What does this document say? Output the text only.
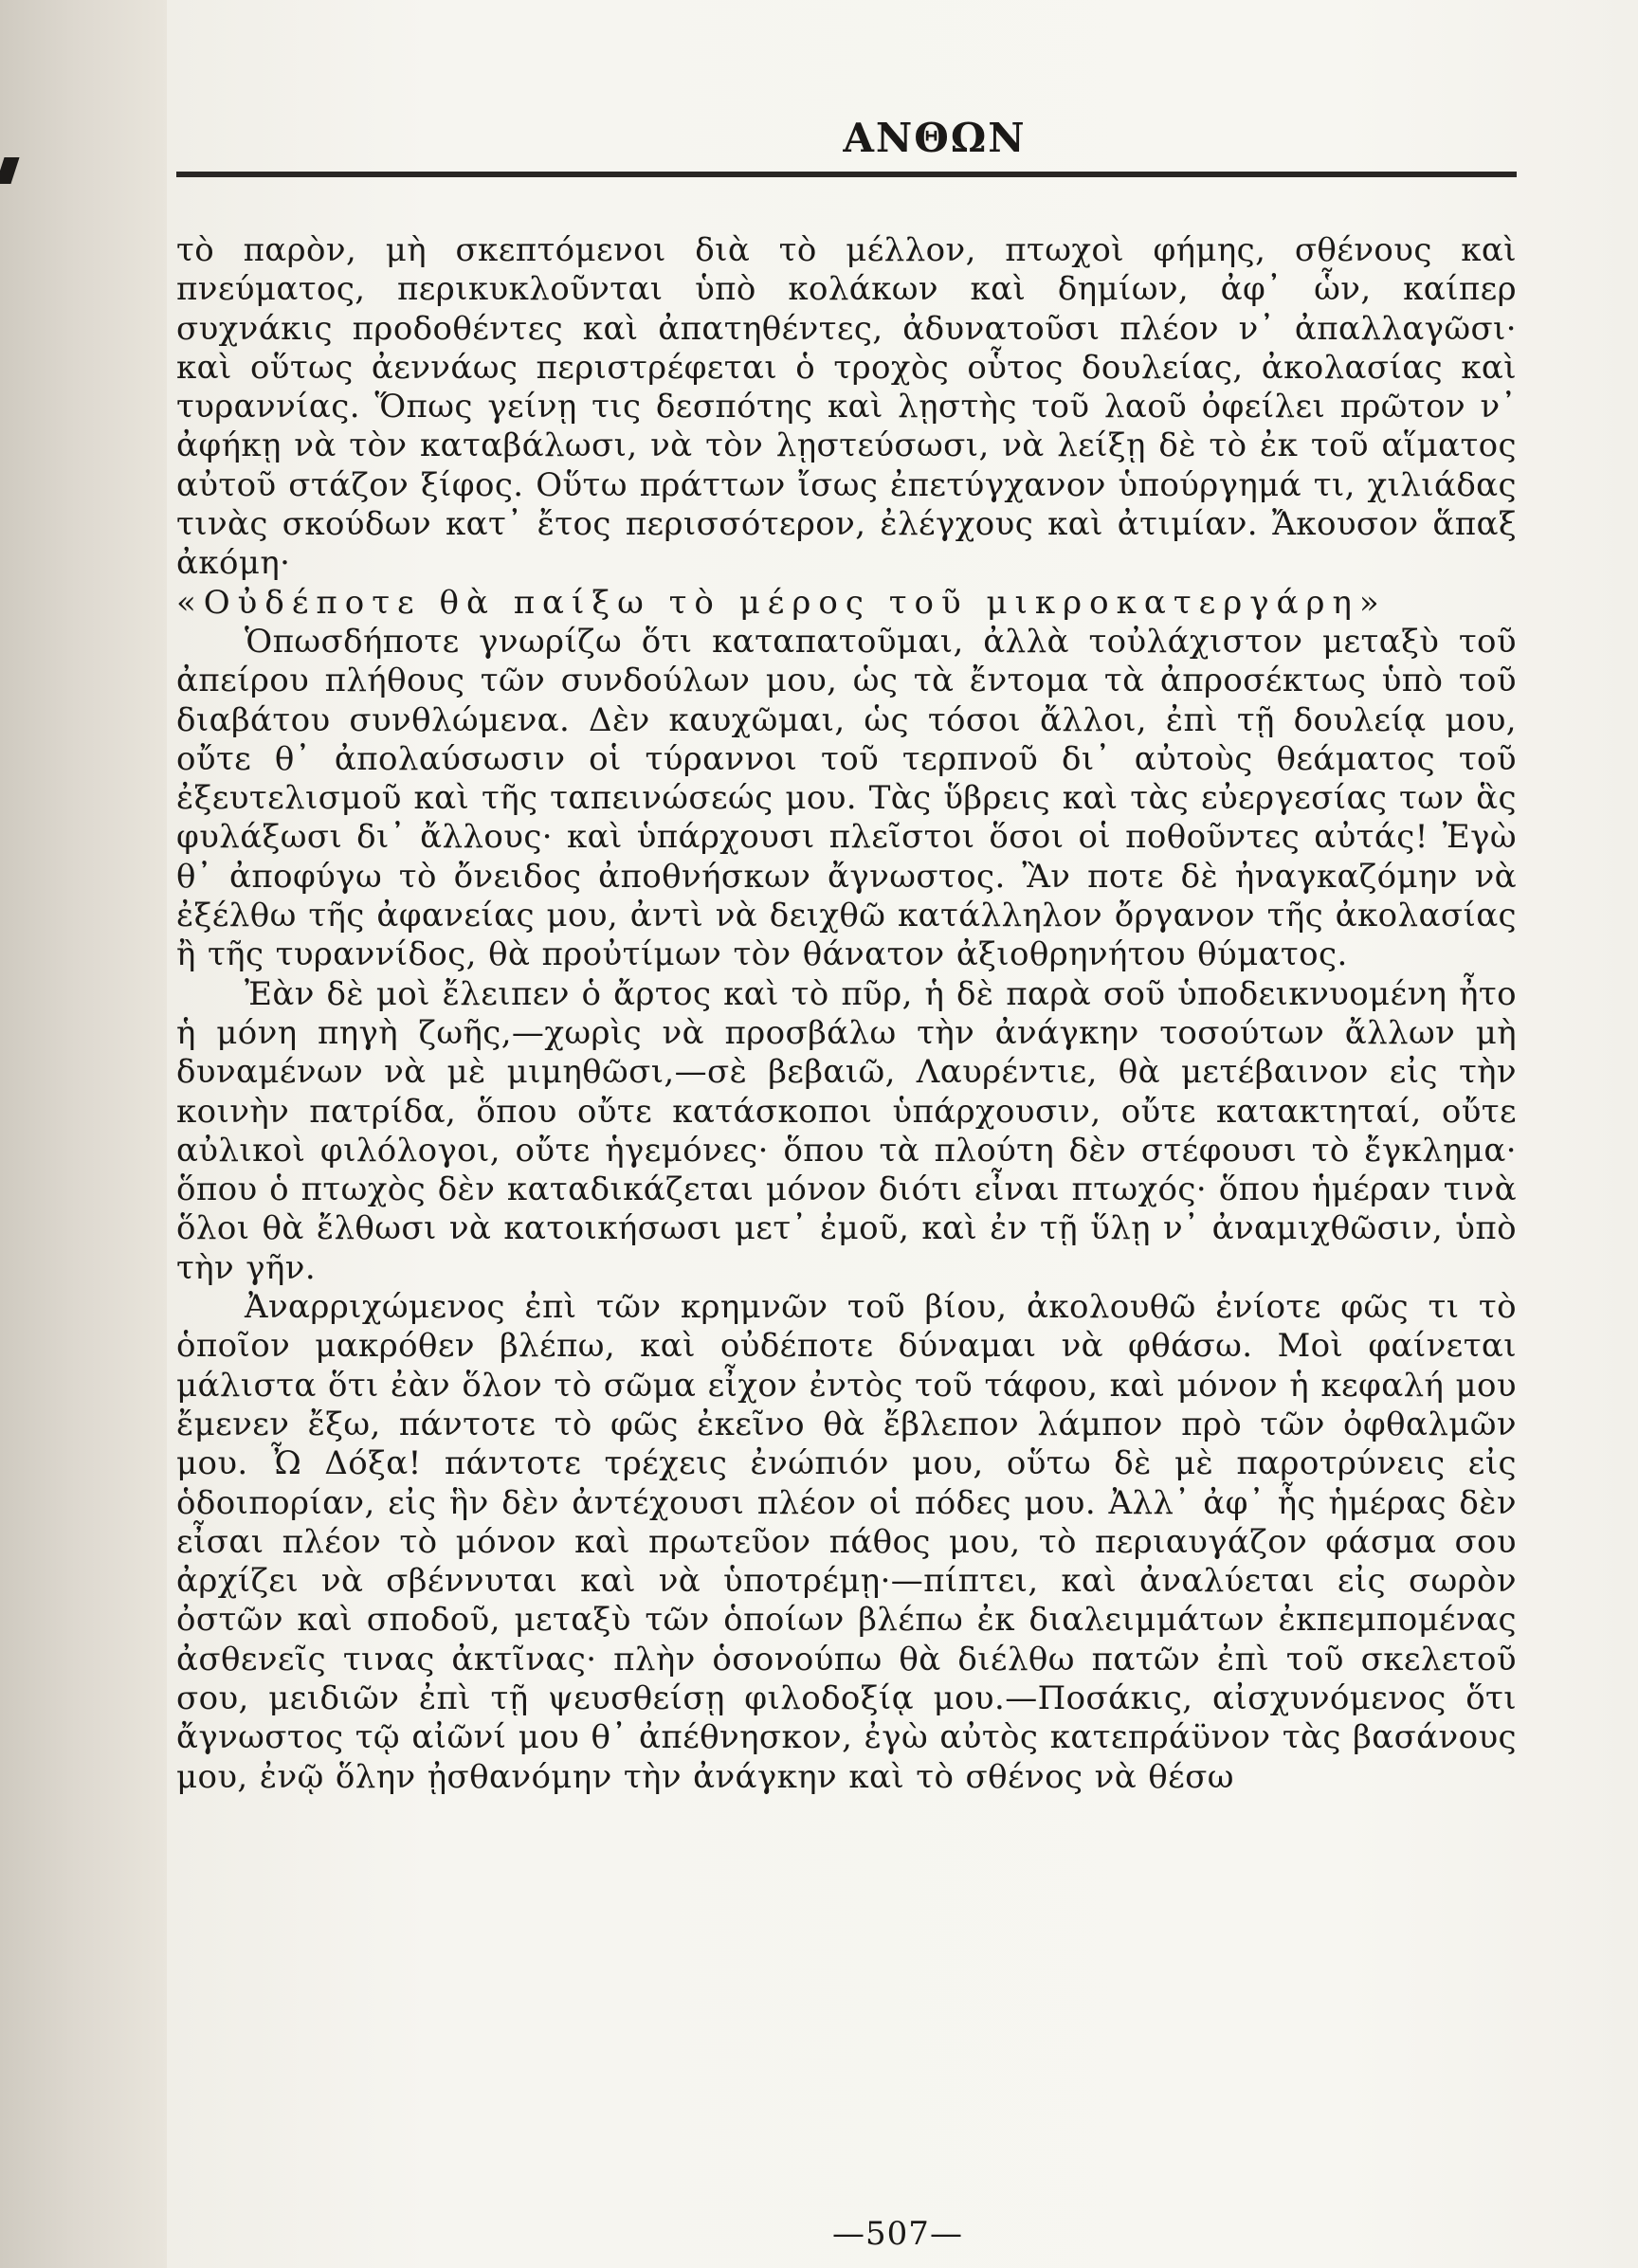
ΑΝΘΩΝ
τὸ παρὸν, μὴ σκεπτόμενοι διὰ τὸ μέλλον, πτωχοὶ φήμης, σθένους καὶ πνεύματος, περικυκλοῦνται ὑπὸ κολάκων καὶ δημίων, ἀφ᾽ ὧν, καίπερ συχνάκις προδοθέντες καὶ ἀπατηθέντες, ἀδυνατοῦσι πλέον ν᾽ ἀπαλλαγῶσι· καὶ οὕτως ἀεννάως περιστρέφεται ὁ τροχὸς οὗτος δουλείας, ἀκολασίας καὶ τυραννίας. Ὅπως γείνῃ τις δεσπότης καὶ λῃστὴς τοῦ λαοῦ ὀφείλει πρῶτον ν᾽ ἀφήκῃ νὰ τὸν καταβάλωσι, νὰ τὸν λῃστεύσωσι, νὰ λείξῃ δὲ τὸ ἐκ τοῦ αἵματος αὐτοῦ στάζον ξίφος. Οὕτω πράττων ἴσως ἐπετύγχανον ὑπούργημά τι, χιλιάδας τινὰς σκούδων κατ᾽ ἔτος περισσότερον, ἐλέγχους καὶ ἀτιμίαν. Ἄκουσον ἅπαξ ἀκόμη·
«Οὐδέποτε θὰ παίξω τὸ μέρος τοῦ μικροκατεργάρη»
Ὁπωσδήποτε γνωρίζω ὅτι καταπατοῦμαι, ἀλλὰ τοὐλάχιστον μεταξὺ τοῦ ἀπείρου πλήθους τῶν συνδούλων μου, ὡς τὰ ἔντομα τὰ ἀπροσέκτως ὑπὸ τοῦ διαβάτου συνθλώμενα. Δὲν καυχῶμαι, ὡς τόσοι ἄλλοι, ἐπὶ τῇ δουλείᾳ μου, οὔτε θ᾽ ἀπολαύσωσιν οἱ τύραννοι τοῦ τερπνοῦ δι᾽ αὐτοὺς θεάματος τοῦ ἐξευτελισμοῦ καὶ τῆς ταπεινώσεώς μου. Τὰς ὕβρεις καὶ τὰς εὐεργεσίας των ἃς φυλάξωσι δι᾽ ἄλλους· καὶ ὑπάρχουσι πλεῖστοι ὅσοι οἱ ποθοῦντες αὐτάς! Ἐγὼ θ᾽ ἀποφύγω τὸ ὄνειδος ἀποθνήσκων ἄγνωστος. Ἂν ποτε δὲ ἠναγκαζόμην νὰ ἐξέλθω τῆς ἀφανείας μου, ἀντὶ νὰ δειχθῶ κατάλληλον ὄργανον τῆς ἀκολασίας ἢ τῆς τυραννίδος, θὰ προὐτίμων τὸν θάνατον ἀξιοθρηνήτου θύματος.
Ἐὰν δὲ μοὶ ἔλειπεν ὁ ἄρτος καὶ τὸ πῦρ, ἡ δὲ παρὰ σοῦ ὑποδεικνυομένη ἦτο ἡ μόνη πηγὴ ζωῆς,—χωρὶς νὰ προσβάλω τὴν ἀνάγκην τοσούτων ἄλλων μὴ δυναμένων νὰ μὲ μιμηθῶσι,—σὲ βεβαιῶ, Λαυρέντιε, θὰ μετέβαινον εἰς τὴν κοινὴν πατρίδα, ὅπου οὔτε κατάσκοποι ὑπάρχουσιν, οὔτε κατακτηταί, οὔτε αὐλικοὶ φιλόλογοι, οὔτε ἡγεμόνες· ὅπου τὰ πλούτη δὲν στέφουσι τὸ ἔγκλημα· ὅπου ὁ πτωχὸς δὲν καταδικάζεται μόνον διότι εἶναι πτωχός· ὅπου ἡμέραν τινὰ ὅλοι θὰ ἔλθωσι νὰ κατοικήσωσι μετ᾽ ἐμοῦ, καὶ ἐν τῇ ὕλῃ ν᾽ ἀναμιχθῶσιν, ὑπὸ τὴν γῆν.
Ἀναρριχώμενος ἐπὶ τῶν κρημνῶν τοῦ βίου, ἀκολουθῶ ἐνίοτε φῶς τι τὸ ὁποῖον μακρόθεν βλέπω, καὶ οὐδέποτε δύναμαι νὰ φθάσω. Μοὶ φαίνεται μάλιστα ὅτι ἐὰν ὅλον τὸ σῶμα εἶχον ἐντὸς τοῦ τάφου, καὶ μόνον ἡ κεφαλή μου ἔμενεν ἔξω, πάντοτε τὸ φῶς ἐκεῖνο θὰ ἔβλεπον λάμπον πρὸ τῶν ὀφθαλμῶν μου. Ὦ Δόξα! πάντοτε τρέχεις ἐνώπιόν μου, οὕτω δὲ μὲ παροτρύνεις εἰς ὁδοιπορίαν, εἰς ἣν δὲν ἀντέχουσι πλέον οἱ πόδες μου. Ἀλλ᾽ ἀφ᾽ ἧς ἡμέρας δὲν εἶσαι πλέον τὸ μόνον καὶ πρωτεῦον πάθος μου, τὸ περιαυγάζον φάσμα σου ἀρχίζει νὰ σβέννυται καὶ νὰ ὑποτρέμῃ·—πίπτει, καὶ ἀναλύεται εἰς σωρὸν ὀστῶν καὶ σποδοῦ, μεταξὺ τῶν ὁποίων βλέπω ἐκ διαλειμμάτων ἐκπεμπομένας ἀσθενεῖς τινας ἀκτῖνας· πλὴν ὁσονούπω θὰ διέλθω πατῶν ἐπὶ τοῦ σκελετοῦ σου, μειδιῶν ἐπὶ τῇ ψευσθείσῃ φιλοδοξίᾳ μου.—Ποσάκις, αἰσχυνόμενος ὅτι ἄγνωστος τῷ αἰῶνί μου θ᾽ ἀπέθνησκον, ἐγὼ αὐτὸς κατεπράϋνον τὰς βασάνους μου, ἐνῷ ὅλην ᾐσθανόμην τὴν ἀνάγκην καὶ τὸ σθένος νὰ θέσω
—507—
